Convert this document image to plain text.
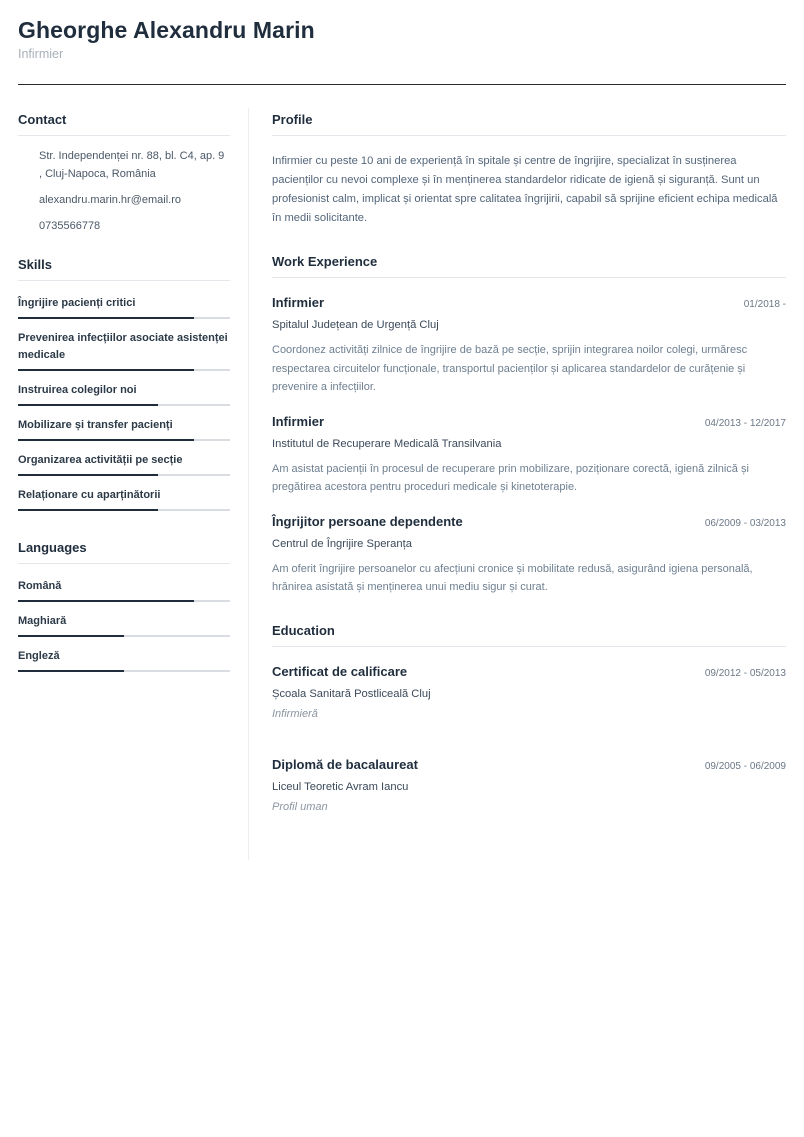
Gheorghe Alexandru Marin
Infirmier
Contact
Str. Independenței nr. 88, bl. C4, ap. 9 , Cluj-Napoca, România
alexandru.marin.hr@email.ro
0735566778
Skills
Îngrijire pacienți critici
Prevenirea infecțiilor asociate asistenței medicale
Instruirea colegilor noi
Mobilizare și transfer pacienți
Organizarea activității pe secție
Relaționare cu aparținătorii
Languages
Română
Maghiară
Engleză
Profile
Infirmier cu peste 10 ani de experiență în spitale și centre de îngrijire, specializat în susținerea pacienților cu nevoi complexe și în menținerea standardelor ridicate de igienă și siguranță. Sunt un profesionist calm, implicat și orientat spre calitatea îngrijirii, capabil să sprijine eficient echipa medicală în medii solicitante.
Work Experience
Infirmier	01/2018 -
Spitalul Județean de Urgență Cluj
Coordonez activități zilnice de îngrijire de bază pe secție, sprijin integrarea noilor colegi, urmăresc respectarea circuitelor funcționale, transportul pacienților și aplicarea standardelor de curățenie și prevenire a infecțiilor.
Infirmier	04/2013 - 12/2017
Institutul de Recuperare Medicală Transilvania
Am asistat pacienții în procesul de recuperare prin mobilizare, poziționare corectă, igienă zilnică și pregătirea acestora pentru proceduri medicale și kinetoterapie.
Îngrijitor persoane dependente	06/2009 - 03/2013
Centrul de Îngrijire Speranța
Am oferit îngrijire persoanelor cu afecțiuni cronice și mobilitate redusă, asigurând igiena personală, hrănirea asistată și menținerea unui mediu sigur și curat.
Education
Certificat de calificare	09/2012 - 05/2013
Școala Sanitară Postliceală Cluj
Infirmieră
Diplomă de bacalaureat	09/2005 - 06/2009
Liceul Teoretic Avram Iancu
Profil uman
